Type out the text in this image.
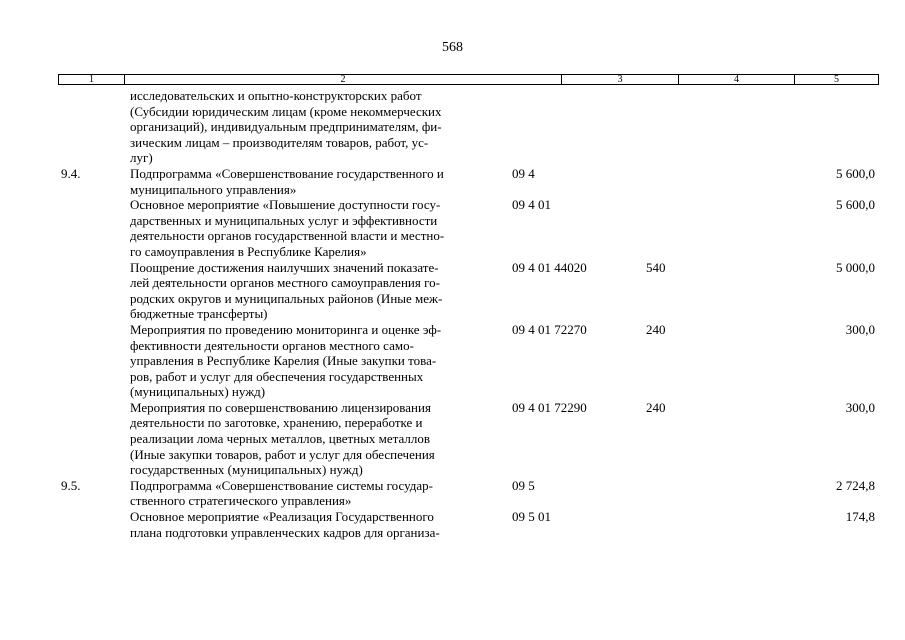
568
1	2	3	4	5
исследовательских и опытно-конструкторских работ
(Субсидии юридическим лицам (кроме некоммерческих
организаций), индивидуальным предпринимателям, фи-
зическим лицам – производителям товаров, работ, ус-
луг)
9.4.	Подпрограмма «Совершенствование государственного и
муниципального управления»
09 4	5 600,0
Основное мероприятие «Повышение доступности госу-
дарственных и муниципальных услуг и эффективности
деятельности органов государственной власти и местно-
го самоуправления в Республике Карелия»
09 4 01	5 600,0
Поощрение достижения наилучших значений показате-
лей деятельности органов местного самоуправления го-
родских округов и муниципальных районов (Иные меж-
бюджетные трансферты)
09 4 01 44020	540	5 000,0
Мероприятия по проведению мониторинга и оценке эф-
фективности деятельности органов местного само-
управления в Республике Карелия (Иные закупки това-
ров, работ и услуг для обеспечения государственных
(муниципальных) нужд)
09 4 01 72270	240	300,0
Мероприятия по совершенствованию лицензирования
деятельности по заготовке, хранению, переработке и
реализации лома черных металлов, цветных металлов
(Иные закупки товаров, работ и услуг для обеспечения
государственных (муниципальных) нужд)
09 4 01 72290	240	300,0
9.5.	Подпрограмма «Совершенствование системы государ-
ственного стратегического управления»
09 5	2 724,8
Основное мероприятие «Реализация Государственного
плана подготовки управленческих кадров для организа-
09 5 01	174,8
